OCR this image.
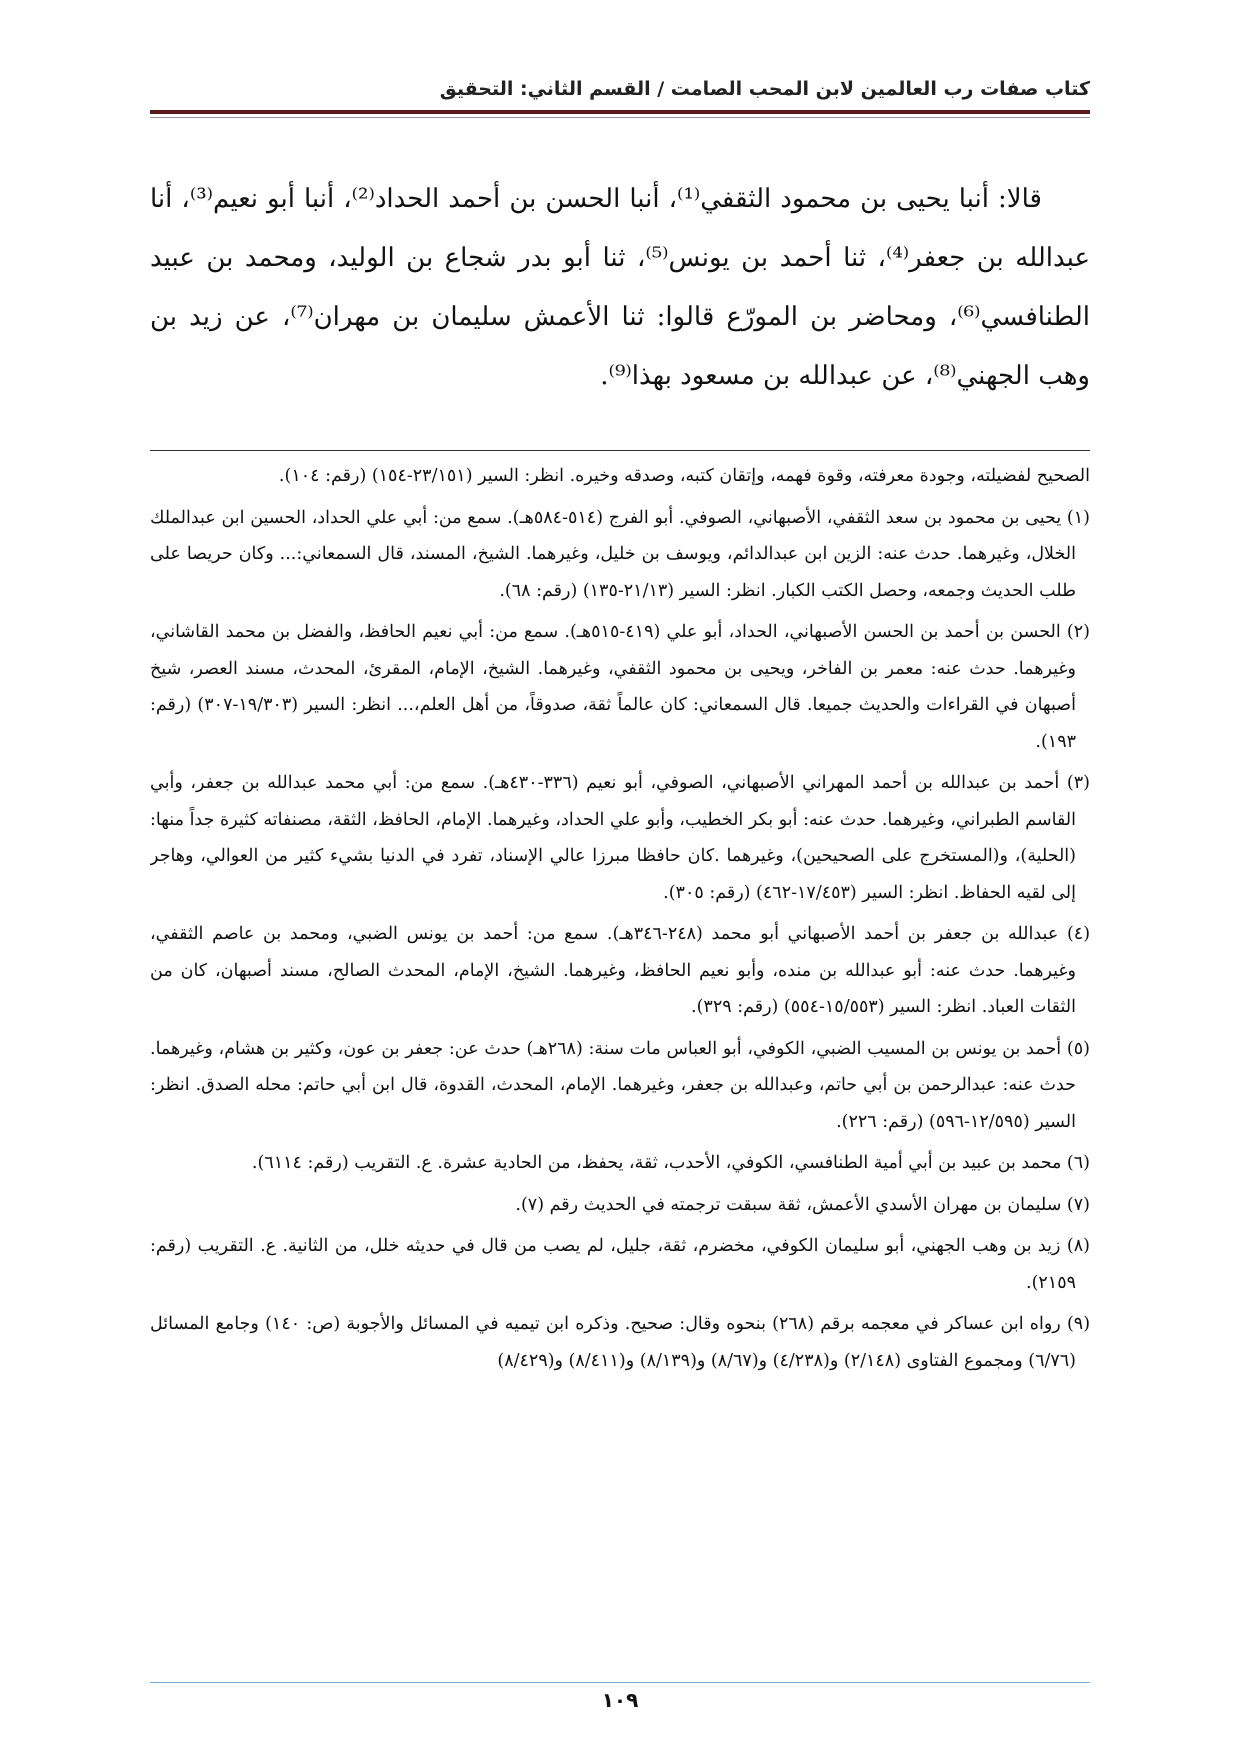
كتاب صفات رب العالمين لابن المحب الصامت / القسم الثاني: التحقيق

قالا: أنبا يحيى بن محمود الثقفي⁽¹⁾، أنبا الحسن بن أحمد الحداد⁽²⁾، أنبا أبو نعيم⁽³⁾، أنا عبدالله بن جعفر⁽⁴⁾، ثنا أحمد بن يونس⁽⁵⁾، ثنا أبو بدر شجاع بن الوليد، ومحمد بن عبيد الطنافسي⁽⁶⁾، ومحاضر بن المورّع قالوا: ثنا الأعمش سليمان بن مهران⁽⁷⁾، عن زيد بن وهب الجهني⁽⁸⁾، عن عبدالله بن مسعود بهذا⁽⁹⁾.

الصحيح لفضيلته، وجودة معرفته، وقوة فهمه، وإتقان كتبه، وصدقه وخيره. انظر: السير (٢٣/١٥١-١٥٤) (رقم: ١٠٤).

(١) يحيى بن محمود بن سعد الثقفي، الأصبهاني، الصوفي. أبو الفرج (٥١٤-٥٨٤هـ). سمع من: أبي علي الحداد، الحسين ابن عبدالملك الخلال، وغيرهما. حدث عنه: الزين ابن عبدالدائم، ويوسف بن خليل، وغيرهما. الشيخ، المسند، قال السمعاني:... وكان حريصا على طلب الحديث وجمعه، وحصل الكتب الكبار. انظر: السير (٢١/١٣-١٣٥) (رقم: ٦٨).

(٢) الحسن بن أحمد بن الحسن الأصبهاني، الحداد، أبو علي (٤١٩-٥١٥هـ). سمع من: أبي نعيم الحافظ، والفضل بن محمد القاشاني، وغيرهما. حدث عنه: معمر بن الفاخر، ويحيى بن محمود الثقفي، وغيرهما. الشيخ، الإمام، المقرئ، المحدث، مسند العصر، شيخ أصبهان في القراءات والحديث جميعا. قال السمعاني: كان عالماً ثقة، صدوقاً، من أهل العلم،... انظر: السير (١٩/٣٠٣-٣٠٧) (رقم: ١٩٣).

(٣) أحمد بن عبدالله بن أحمد المهراني الأصبهاني، الصوفي، أبو نعيم (٣٣٦-٤٣٠هـ). سمع من: أبي محمد عبدالله بن جعفر، وأبي القاسم الطبراني، وغيرهما. حدث عنه: أبو بكر الخطيب، وأبو علي الحداد، وغيرهما. الإمام، الحافظ، الثقة، مصنفاته كثيرة جداً منها: (الحلية)، و(المستخرج على الصحيحين)، وغيرهما .كان حافظا مبرزا عالي الإسناد، تفرد في الدنيا بشيء كثير من العوالي، وهاجر إلى لقيه الحفاظ. انظر: السير (١٧/٤٥٣-٤٦٢) (رقم: ٣٠٥).

(٤) عبدالله بن جعفر بن أحمد الأصبهاني أبو محمد (٢٤٨-٣٤٦هـ). سمع من: أحمد بن يونس الضبي، ومحمد بن عاصم الثقفي، وغيرهما. حدث عنه: أبو عبدالله بن منده، وأبو نعيم الحافظ، وغيرهما. الشيخ، الإمام، المحدث الصالح، مسند أصبهان، كان من الثقات العباد. انظر: السير (١٥/٥٥٣-٥٥٤) (رقم: ٣٢٩).

(٥) أحمد بن يونس بن المسيب الضبي، الكوفي، أبو العباس مات سنة: (٢٦٨هـ) حدث عن: جعفر بن عون، وكثير بن هشام، وغيرهما. حدث عنه: عبدالرحمن بن أبي حاتم، وعبدالله بن جعفر، وغيرهما. الإمام، المحدث، القدوة، قال ابن أبي حاتم: محله الصدق. انظر: السير (١٢/٥٩٥-٥٩٦) (رقم: ٢٢٦).

(٦) محمد بن عبيد بن أبي أمية الطنافسي، الكوفي، الأحدب، ثقة، يحفظ، من الحادية عشرة. ع. التقريب (رقم: ٦١١٤).

(٧) سليمان بن مهران الأسدي الأعمش، ثقة سبقت ترجمته في الحديث رقم (٧).

(٨) زيد بن وهب الجهني، أبو سليمان الكوفي، مخضرم، ثقة، جليل، لم يصب من قال في حديثه خلل، من الثانية. ع. التقريب (رقم: ٢١٥٩).

(٩) رواه ابن عساكر في معجمه برقم (٢٦٨) بنحوه وقال: صحيح. وذكره ابن تيميه في المسائل والأجوبة (ص: ١٤٠) وجامع المسائل (٦/٧٦) ومجموع الفتاوى (٢/١٤٨) و(٤/٢٣٨) و(٨/٦٧) و(٨/١٣٩) و(٨/٤١١) و(٨/٤٢٩)

١٠٩
